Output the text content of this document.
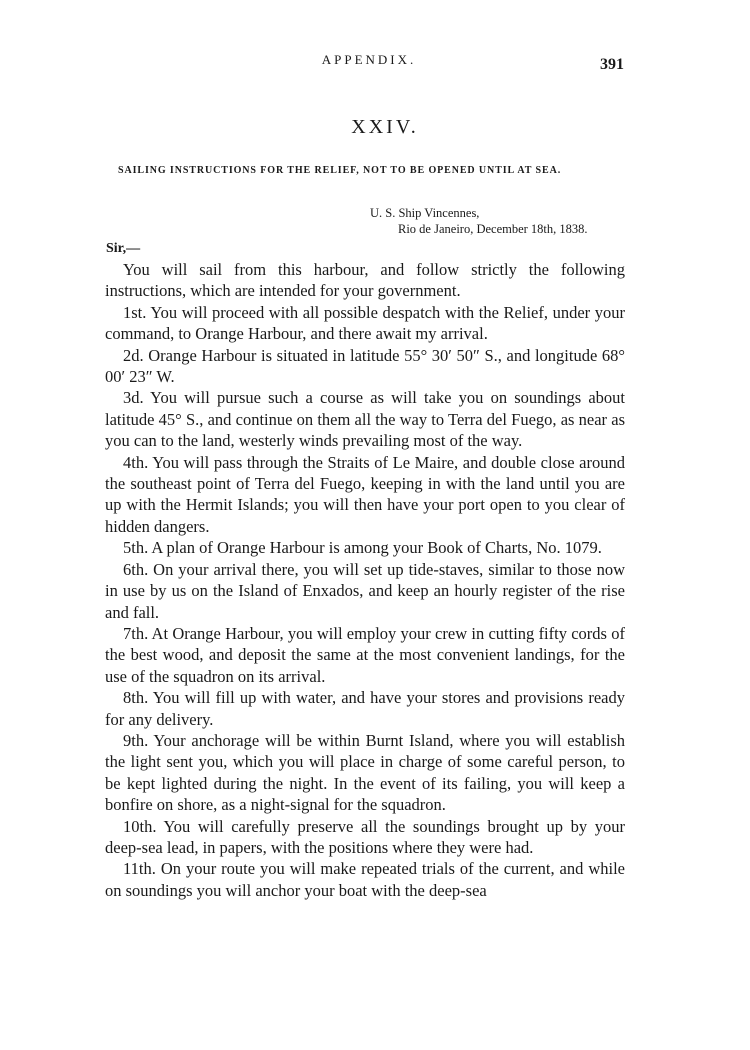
APPENDIX.	391
XXIV.
SAILING INSTRUCTIONS FOR THE RELIEF, NOT TO BE OPENED UNTIL AT SEA.
U. S. Ship Vincennes,
Rio de Janeiro, December 18th, 1838.
Sir,—

You will sail from this harbour, and follow strictly the following instructions, which are intended for your government.

1st. You will proceed with all possible despatch with the Relief, under your command, to Orange Harbour, and there await my arrival.

2d. Orange Harbour is situated in latitude 55° 30′ 50″ S., and longitude 68° 00′ 23″ W.

3d. You will pursue such a course as will take you on soundings about latitude 45° S., and continue on them all the way to Terra del Fuego, as near as you can to the land, westerly winds prevailing most of the way.

4th. You will pass through the Straits of Le Maire, and double close around the southeast point of Terra del Fuego, keeping in with the land until you are up with the Hermit Islands; you will then have your port open to you clear of hidden dangers.

5th. A plan of Orange Harbour is among your Book of Charts, No. 1079.

6th. On your arrival there, you will set up tide-staves, similar to those now in use by us on the Island of Enxados, and keep an hourly register of the rise and fall.

7th. At Orange Harbour, you will employ your crew in cutting fifty cords of the best wood, and deposit the same at the most convenient landings, for the use of the squadron on its arrival.

8th. You will fill up with water, and have your stores and provisions ready for any delivery.

9th. Your anchorage will be within Burnt Island, where you will establish the light sent you, which you will place in charge of some careful person, to be kept lighted during the night. In the event of its failing, you will keep a bonfire on shore, as a night-signal for the squadron.

10th. You will carefully preserve all the soundings brought up by your deep-sea lead, in papers, with the positions where they were had.

11th. On your route you will make repeated trials of the current, and while on soundings you will anchor your boat with the deep-sea
